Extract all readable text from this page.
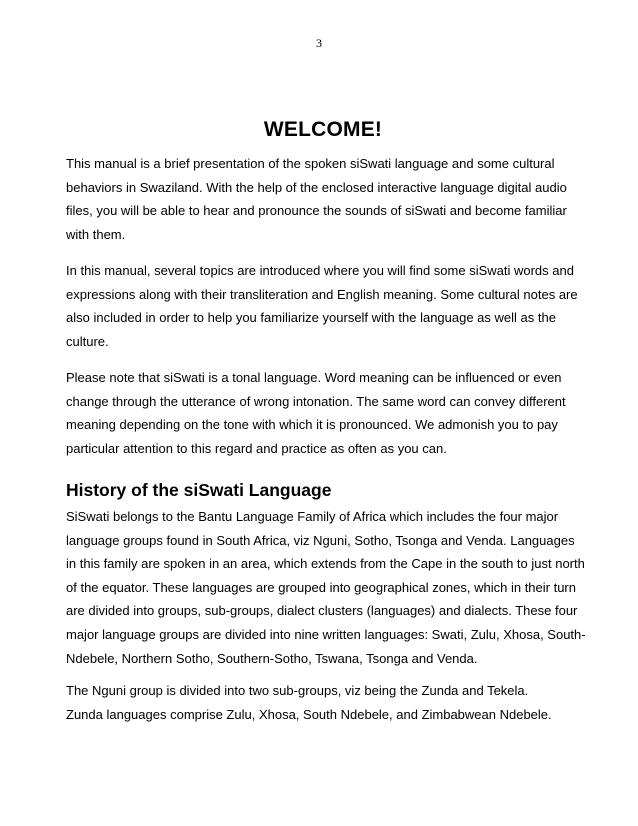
3
WELCOME!

This manual is a brief presentation of the spoken siSwati language and some cultural behaviors in Swaziland. With the help of the enclosed interactive language digital audio files, you will be able to hear and pronounce the sounds of siSwati and become familiar with them.

In this manual, several topics are introduced where you will find some siSwati words and expressions along with their transliteration and English meaning. Some cultural notes are also included in order to help you familiarize yourself with the language as well as the culture.

Please note that siSwati is a tonal language. Word meaning can be influenced or even change through the utterance of wrong intonation. The same word can convey different meaning depending on the tone with which it is pronounced. We admonish you to pay particular attention to this regard and practice as often as you can.

History of the siSwati Language

SiSwati belongs to the Bantu Language Family of Africa which includes the four major language groups found in South Africa, viz Nguni, Sotho, Tsonga and Venda. Languages in this family are spoken in an area, which extends from the Cape in the south to just north of the equator. These languages are grouped into geographical zones, which in their turn are divided into groups, sub-groups, dialect clusters (languages) and dialects. These four major language groups are divided into nine written languages: Swati, Zulu, Xhosa, South-Ndebele, Northern Sotho, Southern-Sotho, Tswana, Tsonga and Venda.

The Nguni group is divided into two sub-groups, viz being the Zunda and Tekela.

Zunda languages comprise Zulu, Xhosa, South Ndebele, and Zimbabwean Ndebele.
